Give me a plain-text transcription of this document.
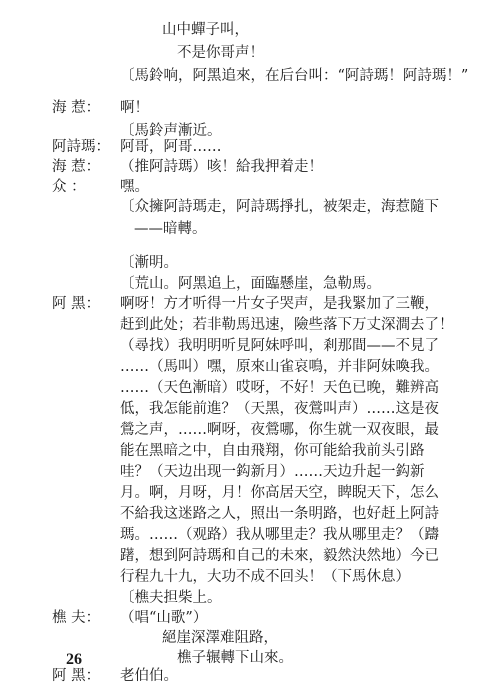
山中蟬子叫，
不是你哥声！
〔馬鈴响，阿黑追來，在后台叫：“阿詩瑪！阿詩瑪！”
海 惹： 啊！
〔馬鈴声漸近。
阿詩瑪： 阿哥，阿哥……
海 惹： （推阿詩瑪）咳！給我押着走！
众 ： 嘿。
〔众擁阿詩瑪走，阿詩瑪掙扎，被架走，海惹隨下
——暗轉。
〔漸明。
〔荒山。阿黑追上，面臨懸崖，急勒馬。
阿 黑： 啊呀！方才听得一片女子哭声，是我緊加了三鞭，
赶到此处；若非勒馬迅速，險些落下万丈深澗去了！
（尋找）我明明听見阿妹呼叫，剎那間——不見了
……（馬叫）嘿，原來山雀哀鳴，并非阿妹喚我。
……（天色漸暗）哎呀，不好！天色已晚，難辨高
低，我怎能前進？（天黑，夜鶯叫声）……这是夜
鶯之声，……啊呀，夜鶯哪，你生就一双夜眼，最
能在黑暗之中，自由飛翔，你可能給我前头引路
哇？（天边出现一鈎新月）……天边升起一鈎新
月。啊，月呀，月！你高居天空，睥睨天下，怎么
不給我这迷路之人，照出一条明路，也好赶上阿詩
瑪。……（观路）我从哪里走？我从哪里走？（躊
躇，想到阿詩瑪和自己的未來，毅然決然地）今已
行程九十九，大功不成不回头！（下馬休息）
〔樵夫担柴上。
樵 夫： （唱“山歌”）
26
絕崖深澤难阻路，
樵子辗轉下山來。
阿 黑： 老伯伯。
